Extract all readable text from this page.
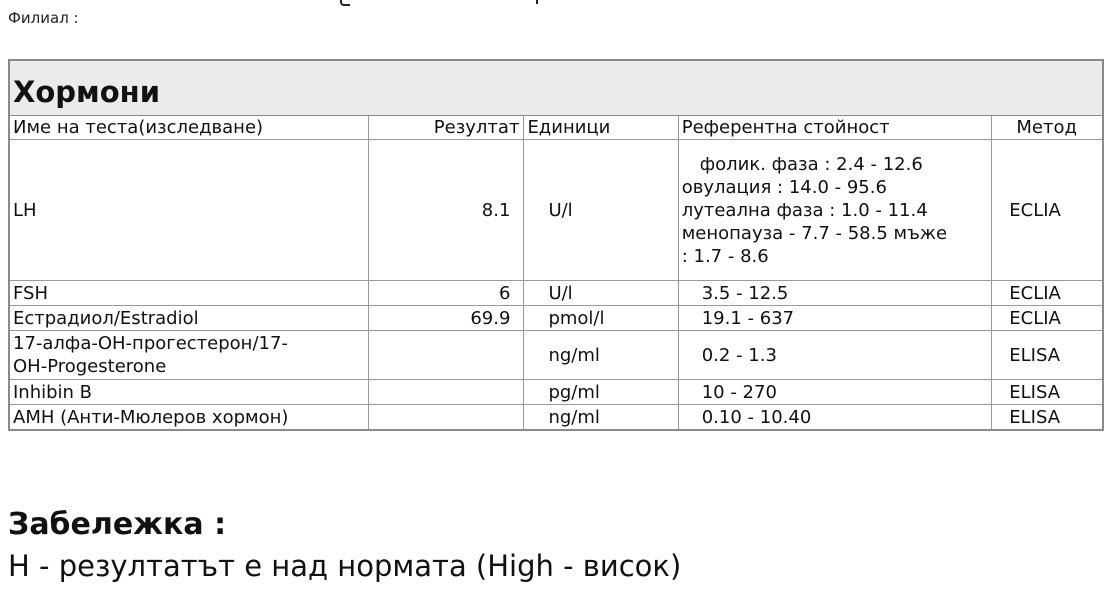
Филиал :
Хормони				
Име на теста(изследване)	Резултат	Единици	Референтна стойност	Метод
LH	8.1	U/l	фолик. фаза : 2.4 - 12.6
овулация : 14.0 - 95.6
лутеална фаза : 1.0 - 11.4
менопауза - 7.7 - 58.5 мъже
: 1.7 - 8.6	ECLIA
FSH	6	U/l	3.5 - 12.5	ECLIA
Естрадиол/Estradiol	69.9	pmol/l	19.1 - 637	ECLIA

17-алфа-OH-прогестерон/17-
OH-Progesterone		ng/ml	0.2 - 1.3	ELISA
Inhibin B		pg/ml	10 - 270	ELISA
AMH (Анти-Мюлеров хормон)		ng/ml	0.10 - 10.40	ELISA
Забележка :

H - резултатът е над нормата (High - висок)
